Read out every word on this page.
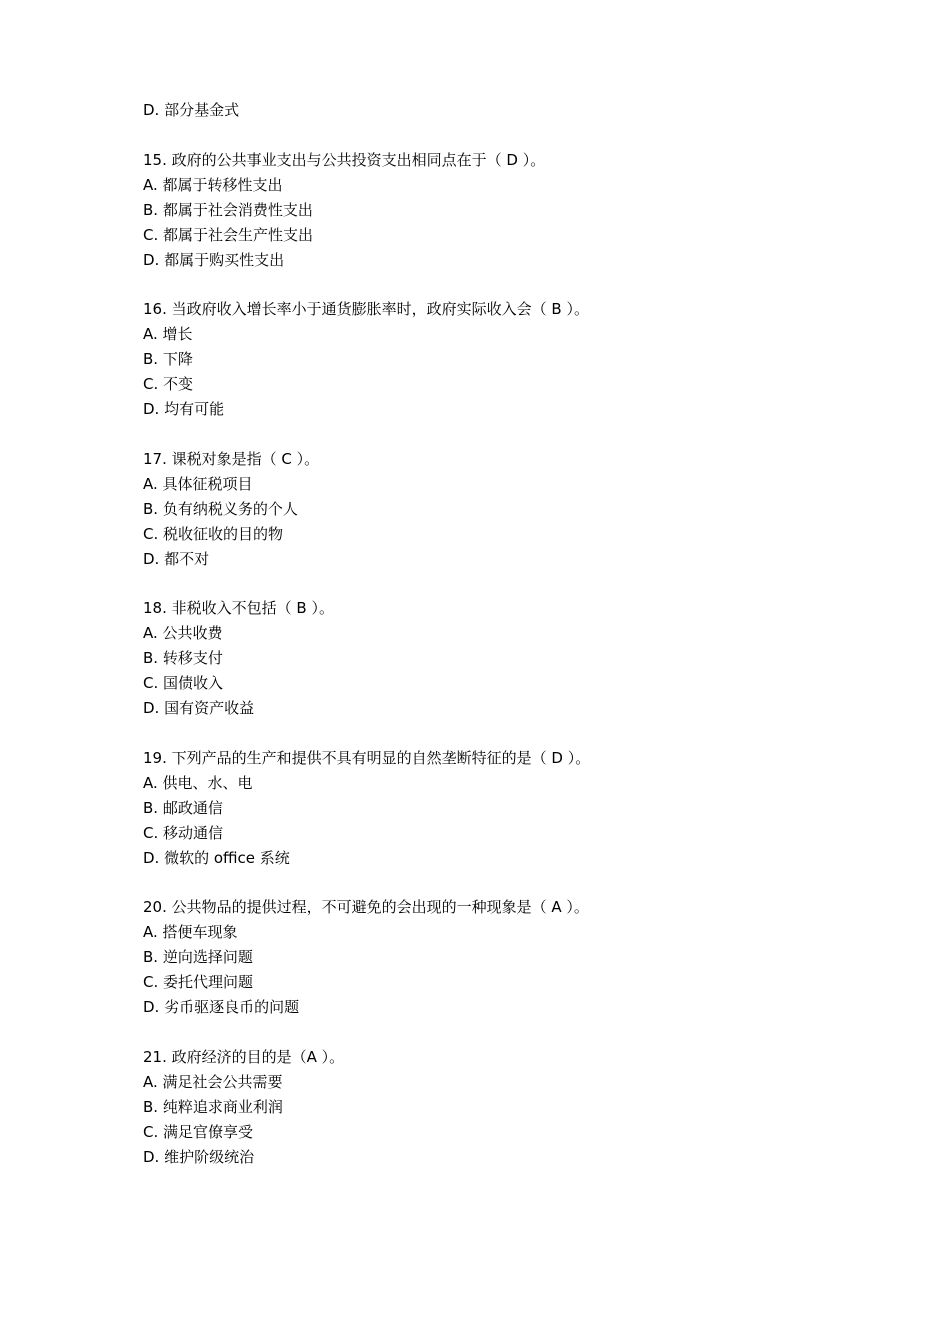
D. 部分基金式
15. 政府的公共事业支出与公共投资支出相同点在于（ D ）。
A. 都属于转移性支出
B. 都属于社会消费性支出
C. 都属于社会生产性支出
D. 都属于购买性支出
16. 当政府收入增长率小于通货膨胀率时，政府实际收入会（ B ）。
A. 增长
B. 下降
C. 不变
D. 均有可能
17. 课税对象是指（ C ）。
A. 具体征税项目
B. 负有纳税义务的个人
C. 税收征收的目的物
D. 都不对
18. 非税收入不包括（ B ）。
A. 公共收费
B. 转移支付
C. 国债收入
D. 国有资产收益
19. 下列产品的生产和提供不具有明显的自然垄断特征的是（ D ）。
A. 供电、水、电
B. 邮政通信
C. 移动通信
D. 微软的 office 系统
20. 公共物品的提供过程，不可避免的会出现的一种现象是（ A ）。
A. 搭便车现象
B. 逆向选择问题
C. 委托代理问题
D. 劣币驱逐良币的问题
21. 政府经济的目的是（A ）。
A. 满足社会公共需要
B. 纯粹追求商业利润
C. 满足官僚享受
D. 维护阶级统治
